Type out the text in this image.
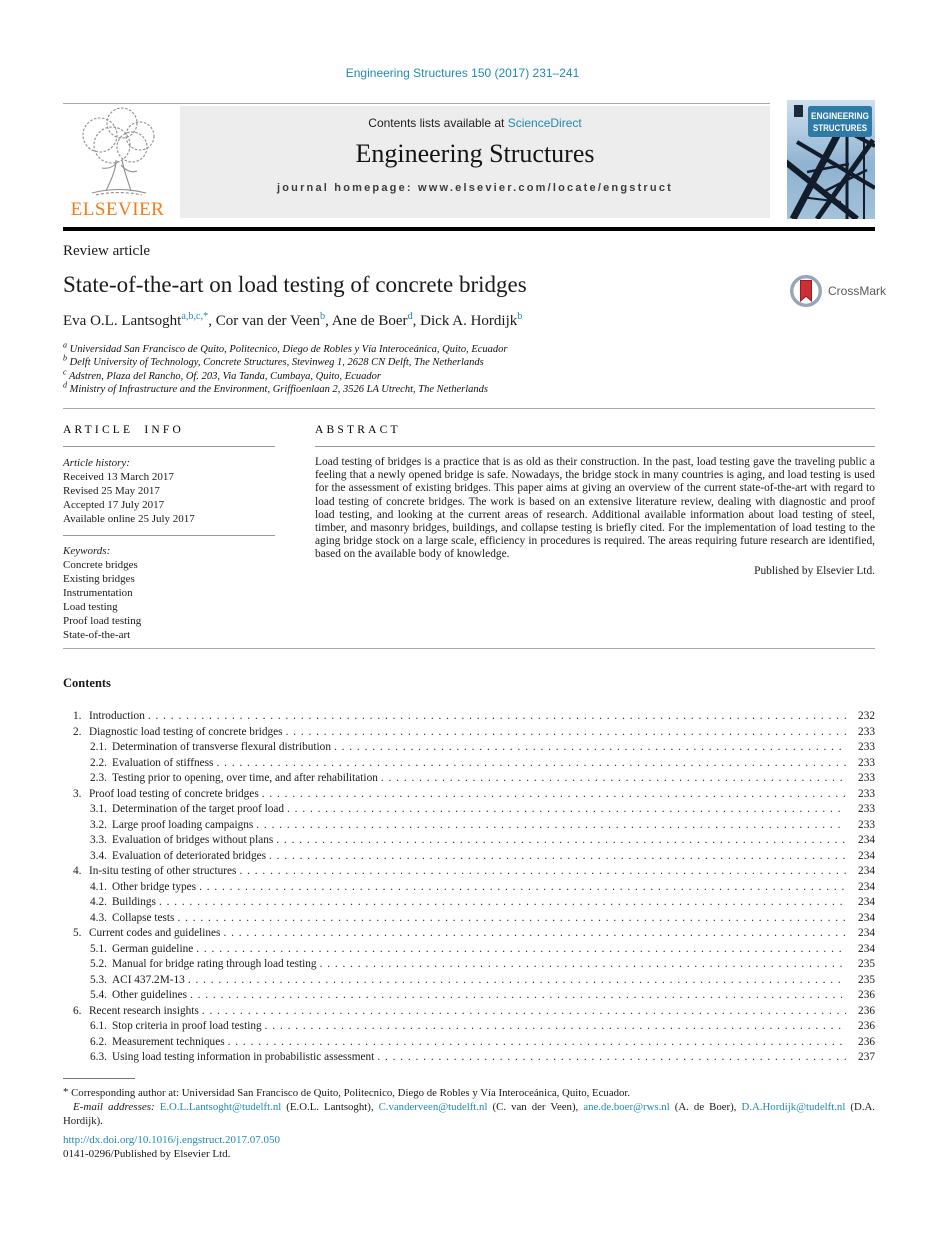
Engineering Structures 150 (2017) 231–241
ELSEVIER
Contents lists available at ScienceDirect
Engineering Structures
journal homepage: www.elsevier.com/locate/engstruct
ENGINEERING
STRUCTURES
Review article
State-of-the-art on load testing of concrete bridges
Eva O.L. Lantsoght$^{a,b,c,*}$, Cor van der Veen$^b$, Ane de Boer$^d$, Dick A. Hordijk$^b$
$^a$ Universidad San Francisco de Quito, Politecnico, Diego de Robles y Vía Interoceánica, Quito, Ecuador
$^b$ Delft University of Technology, Concrete Structures, Stevinweg 1, 2628 CN Delft, The Netherlands
$^c$ Adstren, Plaza del Rancho, Of. 203, Via Tanda, Cumbaya, Quito, Ecuador
$^d$ Ministry of Infrastructure and the Environment, Griffioenlaan 2, 3526 LA Utrecht, The Netherlands
CrossMark
ARTICLE INFO
Article history:
Received 13 March 2017
Revised 25 May 2017
Accepted 17 July 2017
Available online 25 July 2017
Keywords:
Concrete bridges
Existing bridges
Instrumentation
Load testing
Proof load testing
State-of-the-art
ABSTRACT
Load testing of bridges is a practice that is as old as their construction. In the past, load testing gave the traveling public a feeling that a newly opened bridge is safe. Nowadays, the bridge stock in many countries is aging, and load testing is used for the assessment of existing bridges. This paper aims at giving an overview of the current state-of-the-art with regard to load testing of concrete bridges. The work is based on an extensive literature review, dealing with diagnostic and proof load testing, and looking at the current areas of research. Additional available information about load testing of steel, timber, and masonry bridges, buildings, and collapse testing is briefly cited. For the implementation of load testing to the aging bridge stock on a large scale, efficiency in procedures is required. The areas requiring future research are identified, based on the available body of knowledge.
Published by Elsevier Ltd.
Contents
1. Introduction . . .	232
2. Diagnostic load testing of concrete bridges . . .	233
2.1. Determination of transverse flexural distribution . . .	233
2.2. Evaluation of stiffness . . .	233
2.3. Testing prior to opening, over time, and after rehabilitation . . .	233
3. Proof load testing of concrete bridges . . .	233
3.1. Determination of the target proof load . . .	233
3.2. Large proof loading campaigns . . .	233
3.3. Evaluation of bridges without plans . . .	234
3.4. Evaluation of deteriorated bridges . . .	234
4. In-situ testing of other structures . . .	234
4.1. Other bridge types . . .	234
4.2. Buildings . . .	234
4.3. Collapse tests . . .	234
5. Current codes and guidelines . . .	234
5.1. German guideline . . .	234
5.2. Manual for bridge rating through load testing . . .	235
5.3. ACI 437.2M-13 . . .	235
5.4. Other guidelines . . .	236
6. Recent research insights . . .	236
6.1. Stop criteria in proof load testing . . .	236
6.2. Measurement techniques . . .	236
6.3. Using load testing information in probabilistic assessment . . .	237

* Corresponding author at: Universidad San Francisco de Quito, Politecnico, Diego de Robles y Vía Interoceánica, Quito, Ecuador.

E-mail addresses: E.O.L.Lantsoght@tudelft.nl (E.O.L. Lantsoght), C.vanderveen@tudelft.nl (C. van der Veen), ane.de.boer@rws.nl (A. de Boer), D.A.Hordijk@tudelft.nl (D.A. Hordijk).

http://dx.doi.org/10.1016/j.engstruct.2017.07.050
0141-0296/Published by Elsevier Ltd.
